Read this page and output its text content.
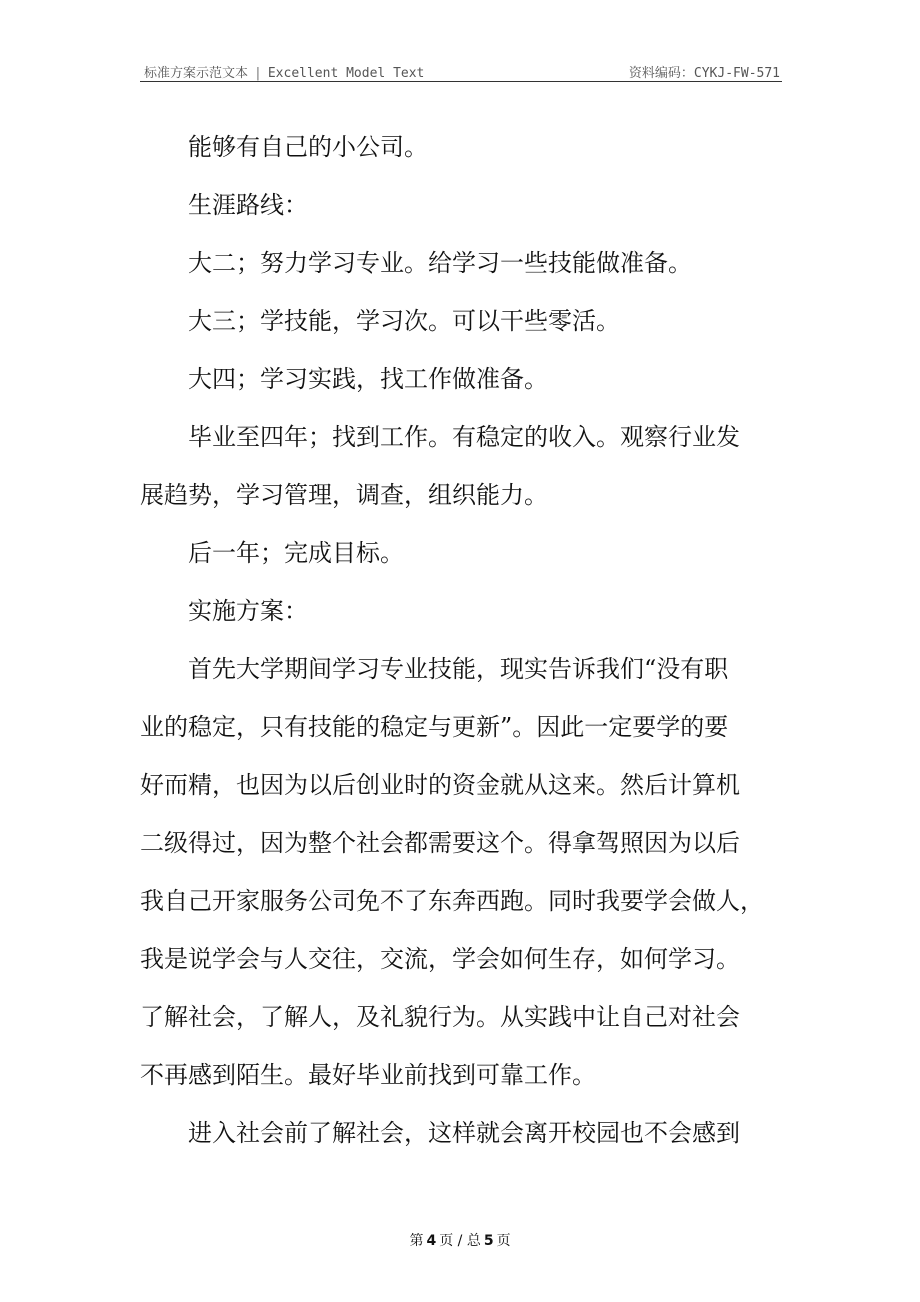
标准方案示范文本 | Excellent Model Text	资料编码：CYKJ-FW-571

能够有自己的小公司。

生涯路线：

大二；努力学习专业。给学习一些技能做准备。

大三；学技能，学习次。可以干些零活。

大四；学习实践，找工作做准备。

毕业至四年；找到工作。有稳定的收入。观察行业发

展趋势，学习管理，调查，组织能力。

后一年；完成目标。

实施方案：

首先大学期间学习专业技能，现实告诉我们“没有职

业的稳定，只有技能的稳定与更新”。因此一定要学的要

好而精，也因为以后创业时的资金就从这来。然后计算机

二级得过，因为整个社会都需要这个。得拿驾照因为以后

我自己开家服务公司免不了东奔西跑。同时我要学会做人，

我是说学会与人交往，交流，学会如何生存，如何学习。

了解社会，了解人，及礼貌行为。从实践中让自己对社会

不再感到陌生。最好毕业前找到可靠工作。

进入社会前了解社会，这样就会离开校园也不会感到

第 4 页 / 总 5 页
